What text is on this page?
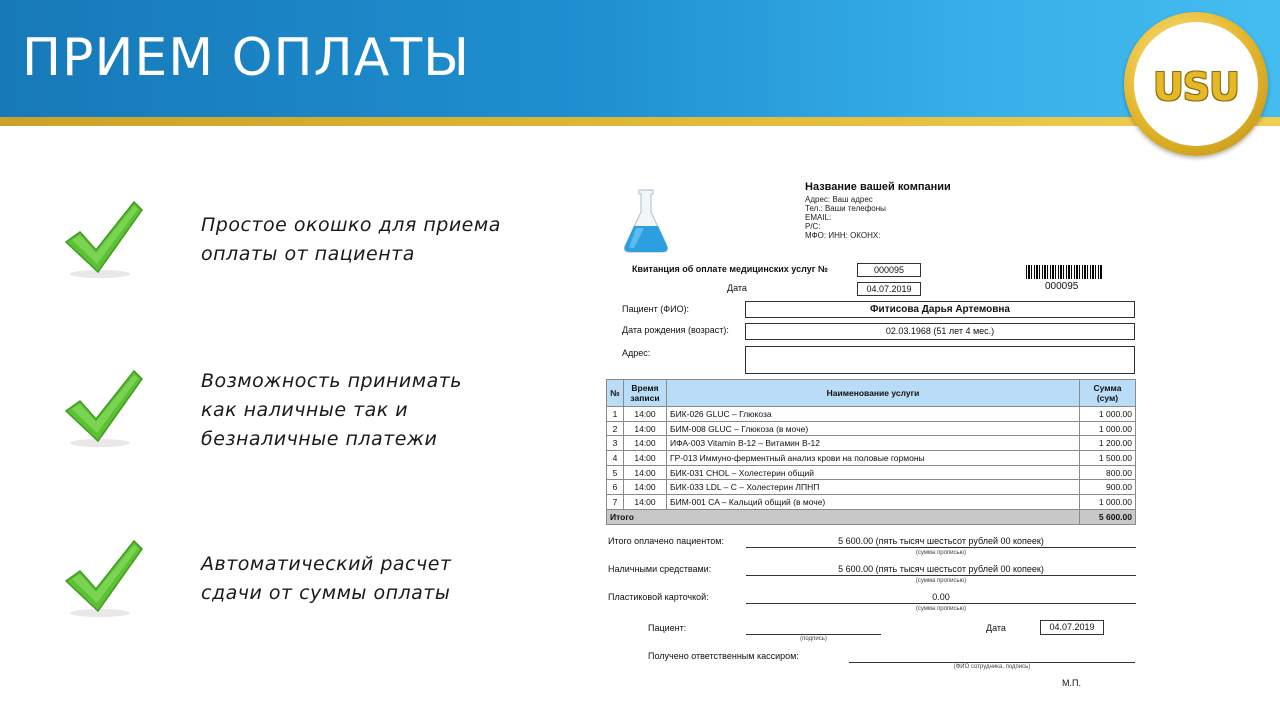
ПРИЕМ ОПЛАТЫ	USU
Простое окошко для приема
оплаты от пациента
Возможность принимать
как наличные так и
безналичные платежи
Автоматический расчет
сдачи от суммы оплаты
Название вашей компании
Адрес: Ваш адрес
Тел.: Ваши телефоны
EMAIL:
Р/С:
МФО: ИНН: ОКОНХ:
Квитанция об оплате медицинских услуг №	000095
Дата	04.07.2019	000095
Пациент (ФИО):	Фитисова Дарья Артемовна
Дата рождения (возраст):	02.03.1968 (51 лет 4 мес.)
Адрес:
№	Время записи	Наименование услуги	Сумма (сум)
1	14:00	БИК-026 GLUC – Глюкоза	1 000.00
2	14:00	БИМ-008 GLUC – Глюкоза (в моче)	1 000.00
3	14:00	ИФА-003 Vitamin B-12 – Витамин B-12	1 200.00
4	14:00	ГР-013 Иммуно-ферментный анализ крови на половые гормоны	1 500.00
5	14:00	БИК-031 CHOL – Холестерин общий	800.00
6	14:00	БИК-033 LDL – C – Холестерин ЛПНП	900.00
7	14:00	БИМ-001 CA – Кальций общий (в моче)	1 000.00
Итого			5 600.00
Итого оплачено пациентом:	5 600.00 (пять тысяч шестьсот рублей 00 копеек)
(сумма прописью)
Наличными средствами:	5 600.00 (пять тысяч шестьсот рублей 00 копеек)
(сумма прописью)
Пластиковой карточкой:	0.00
(сумма прописью)
Пациент:
(подпись)
Дата	04.07.2019
Получено ответственным кассиром:
(ФИО сотрудника, подпись)
М.П.
